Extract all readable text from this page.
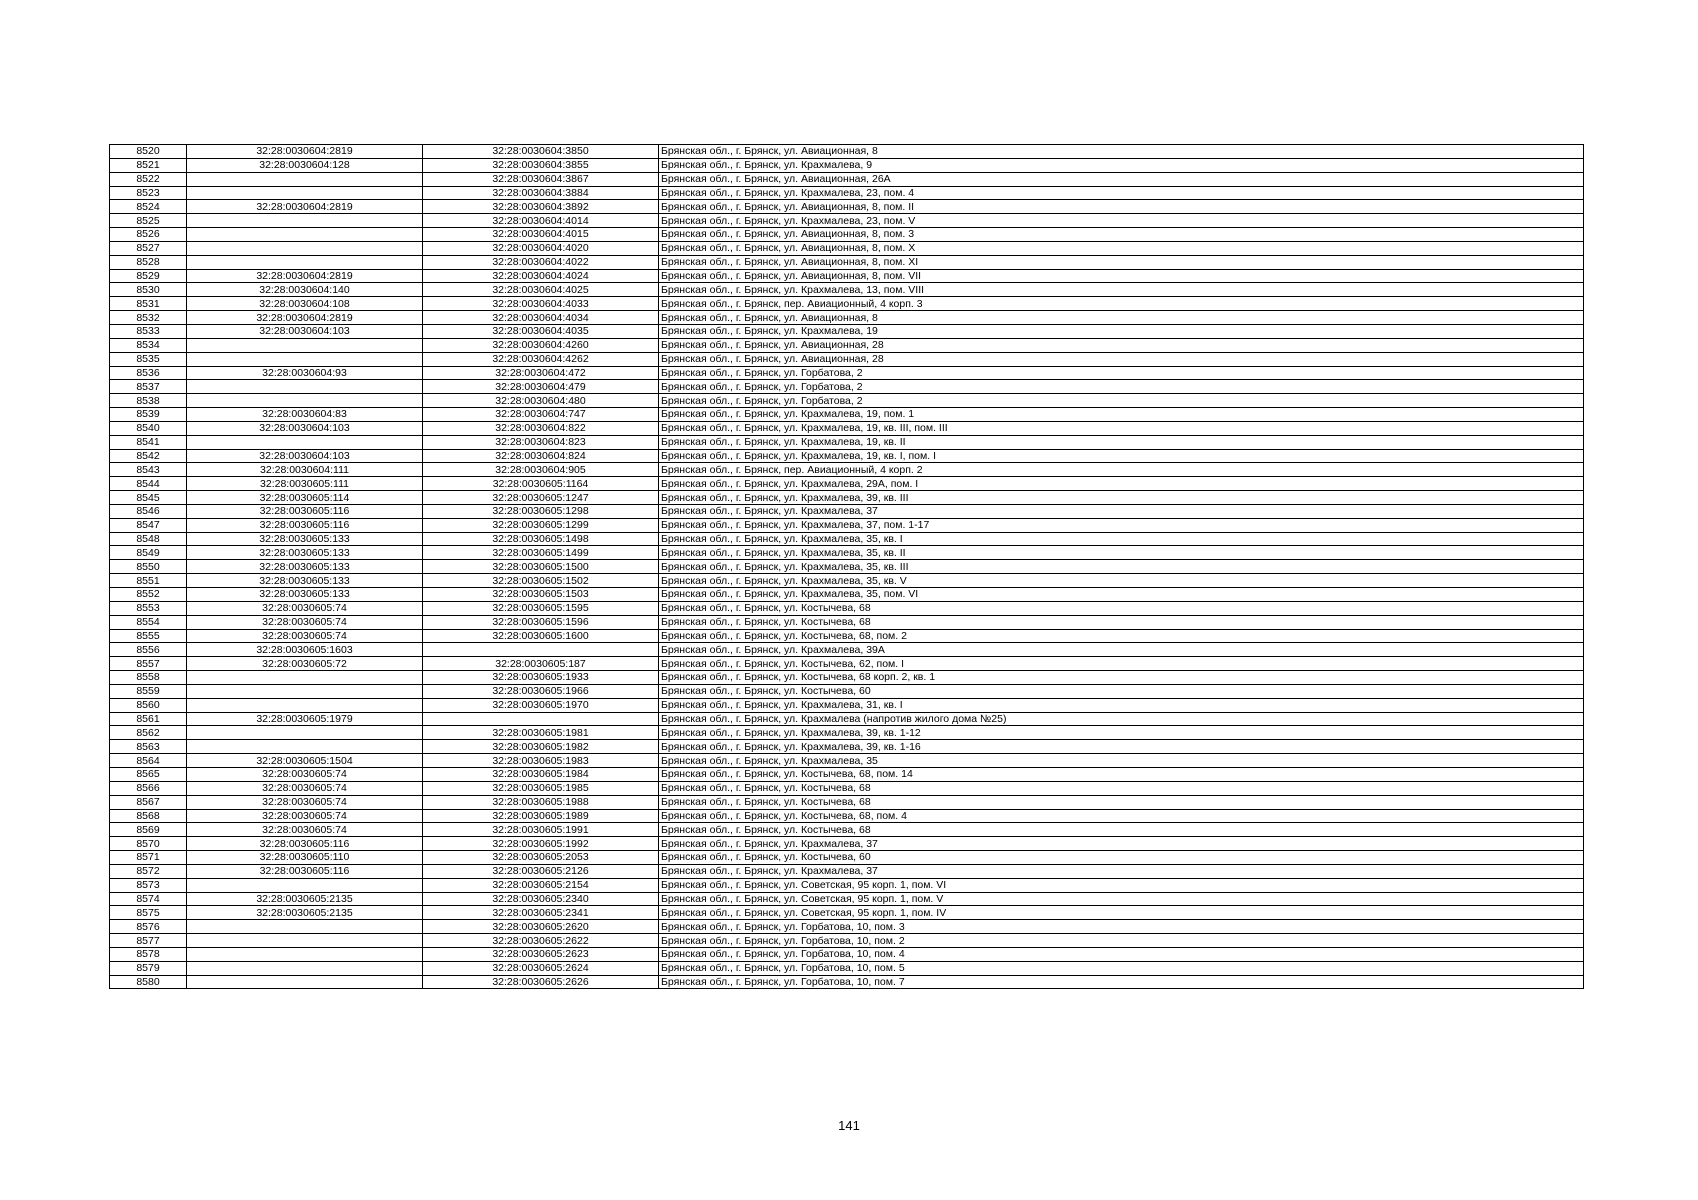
8520	32:28:0030604:2819	32:28:0030604:3850	Брянская обл., г. Брянск, ул. Авиационная, 8
8521	32:28:0030604:128	32:28:0030604:3855	Брянская обл., г. Брянск, ул. Крахмалева, 9
8522		32:28:0030604:3867	Брянская обл., г. Брянск, ул. Авиационная, 26А
8523		32:28:0030604:3884	Брянская обл., г. Брянск, ул. Крахмалева, 23, пом. 4
8524	32:28:0030604:2819	32:28:0030604:3892	Брянская обл., г. Брянск, ул. Авиационная, 8, пом. II
8525		32:28:0030604:4014	Брянская обл., г. Брянск, ул. Крахмалева, 23, пом. V
8526		32:28:0030604:4015	Брянская обл., г. Брянск, ул. Авиационная, 8, пом. 3
8527		32:28:0030604:4020	Брянская обл., г. Брянск, ул. Авиационная, 8, пом. X
8528		32:28:0030604:4022	Брянская обл., г. Брянск, ул. Авиационная, 8, пом. XI
8529	32:28:0030604:2819	32:28:0030604:4024	Брянская обл., г. Брянск, ул. Авиационная, 8, пом. VII
8530	32:28:0030604:140	32:28:0030604:4025	Брянская обл., г. Брянск, ул. Крахмалева, 13, пом. VIII
8531	32:28:0030604:108	32:28:0030604:4033	Брянская обл., г. Брянск, пер. Авиационный, 4 корп. 3
8532	32:28:0030604:2819	32:28:0030604:4034	Брянская обл., г. Брянск, ул. Авиационная, 8
8533	32:28:0030604:103	32:28:0030604:4035	Брянская обл., г. Брянск, ул. Крахмалева, 19
8534		32:28:0030604:4260	Брянская обл., г. Брянск, ул. Авиационная, 28
8535		32:28:0030604:4262	Брянская обл., г. Брянск, ул. Авиационная, 28
8536	32:28:0030604:93	32:28:0030604:472	Брянская обл., г. Брянск, ул. Горбатова, 2
8537		32:28:0030604:479	Брянская обл., г. Брянск, ул. Горбатова, 2
8538		32:28:0030604:480	Брянская обл., г. Брянск, ул. Горбатова, 2
8539	32:28:0030604:83	32:28:0030604:747	Брянская обл., г. Брянск, ул. Крахмалева, 19, пом. 1
8540	32:28:0030604:103	32:28:0030604:822	Брянская обл., г. Брянск, ул. Крахмалева, 19, кв. III, пом. III
8541		32:28:0030604:823	Брянская обл., г. Брянск, ул. Крахмалева, 19, кв. II
8542	32:28:0030604:103	32:28:0030604:824	Брянская обл., г. Брянск, ул. Крахмалева, 19, кв. I, пом. I
8543	32:28:0030604:111	32:28:0030604:905	Брянская обл., г. Брянск, пер. Авиационный, 4 корп. 2
8544	32:28:0030605:111	32:28:0030605:1164	Брянская обл., г. Брянск, ул. Крахмалева, 29А, пом. I
8545	32:28:0030605:114	32:28:0030605:1247	Брянская обл., г. Брянск, ул. Крахмалева, 39, кв. III
8546	32:28:0030605:116	32:28:0030605:1298	Брянская обл., г. Брянск, ул. Крахмалева, 37
8547	32:28:0030605:116	32:28:0030605:1299	Брянская обл., г. Брянск, ул. Крахмалева, 37, пом. 1-17
8548	32:28:0030605:133	32:28:0030605:1498	Брянская обл., г. Брянск, ул. Крахмалева, 35, кв. I
8549	32:28:0030605:133	32:28:0030605:1499	Брянская обл., г. Брянск, ул. Крахмалева, 35, кв. II
8550	32:28:0030605:133	32:28:0030605:1500	Брянская обл., г. Брянск, ул. Крахмалева, 35, кв. III
8551	32:28:0030605:133	32:28:0030605:1502	Брянская обл., г. Брянск, ул. Крахмалева, 35, кв. V
8552	32:28:0030605:133	32:28:0030605:1503	Брянская обл., г. Брянск, ул. Крахмалева, 35, пом. VI
8553	32:28:0030605:74	32:28:0030605:1595	Брянская обл., г. Брянск, ул. Костычева, 68
8554	32:28:0030605:74	32:28:0030605:1596	Брянская обл., г. Брянск, ул. Костычева, 68
8555	32:28:0030605:74	32:28:0030605:1600	Брянская обл., г. Брянск, ул. Костычева, 68, пом. 2
8556	32:28:0030605:1603		Брянская обл., г. Брянск, ул. Крахмалева, 39А
8557	32:28:0030605:72	32:28:0030605:187	Брянская обл., г. Брянск, ул. Костычева, 62, пом. I
8558		32:28:0030605:1933	Брянская обл., г. Брянск, ул. Костычева, 68 корп. 2, кв. 1
8559		32:28:0030605:1966	Брянская обл., г. Брянск, ул. Костычева, 60
8560		32:28:0030605:1970	Брянская обл., г. Брянск, ул. Крахмалева, 31, кв. I
8561	32:28:0030605:1979		Брянская обл., г. Брянск, ул. Крахмалева (напротив жилого дома №25)
8562		32:28:0030605:1981	Брянская обл., г. Брянск, ул. Крахмалева, 39, кв. 1-12
8563		32:28:0030605:1982	Брянская обл., г. Брянск, ул. Крахмалева, 39, кв. 1-16
8564	32:28:0030605:1504	32:28:0030605:1983	Брянская обл., г. Брянск, ул. Крахмалева, 35
8565	32:28:0030605:74	32:28:0030605:1984	Брянская обл., г. Брянск, ул. Костычева, 68, пом. 14
8566	32:28:0030605:74	32:28:0030605:1985	Брянская обл., г. Брянск, ул. Костычева, 68
8567	32:28:0030605:74	32:28:0030605:1988	Брянская обл., г. Брянск, ул. Костычева, 68
8568	32:28:0030605:74	32:28:0030605:1989	Брянская обл., г. Брянск, ул. Костычева, 68, пом. 4
8569	32:28:0030605:74	32:28:0030605:1991	Брянская обл., г. Брянск, ул. Костычева, 68
8570	32:28:0030605:116	32:28:0030605:1992	Брянская обл., г. Брянск, ул. Крахмалева, 37
8571	32:28:0030605:110	32:28:0030605:2053	Брянская обл., г. Брянск, ул. Костычева, 60
8572	32:28:0030605:116	32:28:0030605:2126	Брянская обл., г. Брянск, ул. Крахмалева, 37
8573		32:28:0030605:2154	Брянская обл., г. Брянск, ул. Советская, 95 корп. 1, пом. VI
8574	32:28:0030605:2135	32:28:0030605:2340	Брянская обл., г. Брянск, ул. Советская, 95 корп. 1, пом. V
8575	32:28:0030605:2135	32:28:0030605:2341	Брянская обл., г. Брянск, ул. Советская, 95 корп. 1, пом. IV
8576		32:28:0030605:2620	Брянская обл., г. Брянск, ул. Горбатова, 10, пом. 3
8577		32:28:0030605:2622	Брянская обл., г. Брянск, ул. Горбатова, 10, пом. 2
8578		32:28:0030605:2623	Брянская обл., г. Брянск, ул. Горбатова, 10, пом. 4
8579		32:28:0030605:2624	Брянская обл., г. Брянск, ул. Горбатова, 10, пом. 5
8580		32:28:0030605:2626	Брянская обл., г. Брянск, ул. Горбатова, 10, пом. 7
141
